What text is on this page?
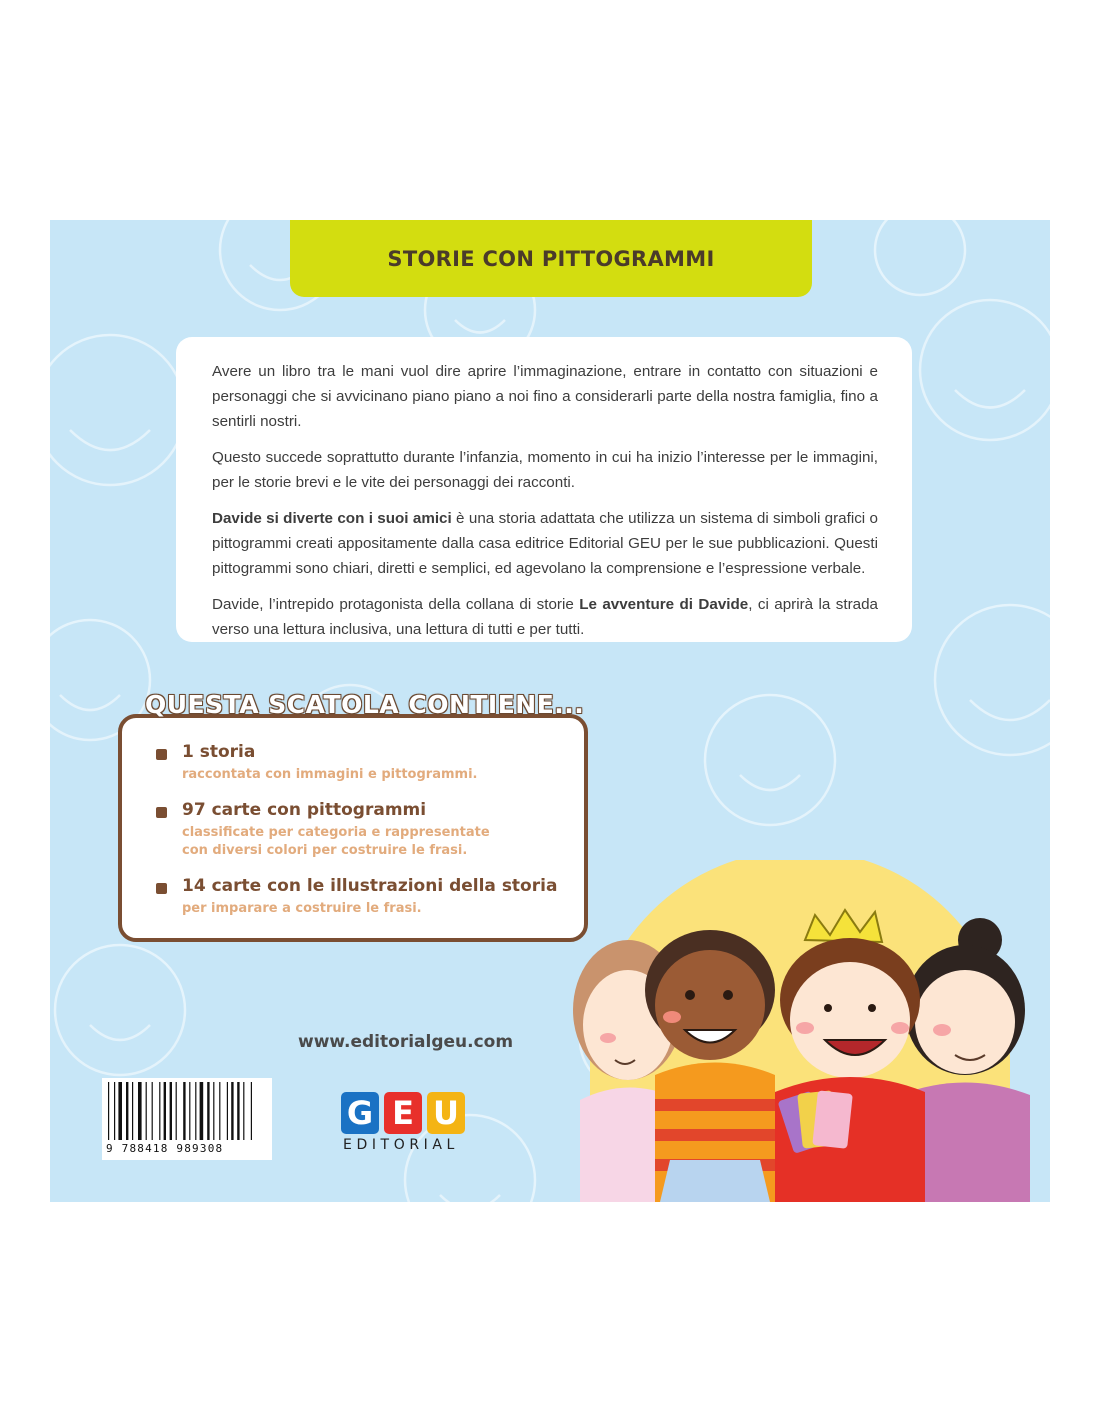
STORIE CON PITTOGRAMMI

Avere un libro tra le mani vuol dire aprire l’immaginazione, entrare in contatto con situazioni e personaggi che si avvicinano piano piano a noi fino a considerarli parte della nostra famiglia, fino a sentirli nostri.

Questo succede soprattutto durante l’infanzia, momento in cui ha inizio l’interesse per le immagini, per le storie brevi e le vite dei personaggi dei racconti.

Davide si diverte con i suoi amici è una storia adattata che utilizza un sistema di simboli grafici o pittogrammi creati appositamente dalla casa editrice Editorial GEU per le sue pubblicazioni. Questi pittogrammi sono chiari, diretti e semplici, ed agevolano la comprensione e l’espressione verbale.

Davide, l’intrepido protagonista della collana di storie Le avventure di Davide, ci aprirà la strada verso una lettura inclusiva, una lettura di tutti e per tutti.

QUESTA SCATOLA CONTIENE...
1 storia
raccontata con immagini e pittogrammi.
97 carte con pittogrammi
classificate per categoria e rappresentate
con diversi colori per costruire le frasi.
14 carte con le illustrazioni della storia
per imparare a costruire le frasi.
www.editorialgeu.com
9 788418 989308
G E U
EDITORIAL
